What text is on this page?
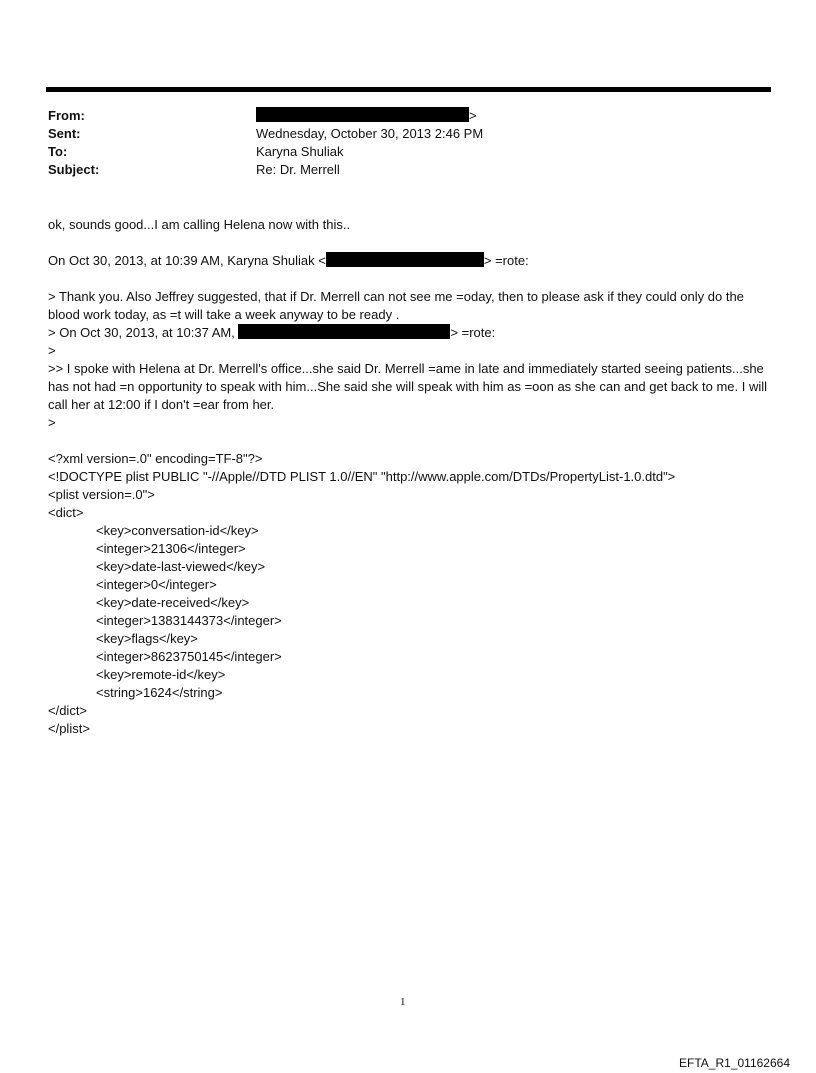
From:	>
Sent:	Wednesday, October 30, 2013 2:46 PM
To:	Karyna Shuliak
Subject:	Re: Dr. Merrell
ok, sounds good...I am calling Helena now with this..
On Oct 30, 2013, at 10:39 AM, Karyna Shuliak <	> =rote:
> Thank you. Also Jeffrey suggested, that if Dr. Merrell can not see me =oday, then to please ask if they could only do the blood work today, as =t will take a week anyway to be ready .
> On Oct 30, 2013, at 10:37 AM,	> =rote:
>
>> I spoke with Helena at Dr. Merrell's office...she said Dr. Merrell =ame in late and immediately started seeing patients...she has not had =n opportunity to speak with him...She said she will speak with him as =oon as she can and get back to me. I will call her at 12:00 if I don't =ear from her.
>
<?xml version=.0" encoding=TF-8"?>
<!DOCTYPE plist PUBLIC "-//Apple//DTD PLIST 1.0//EN" "http://www.apple.com/DTDs/PropertyList-1.0.dtd">
<plist version=.0">
<dict>
<key>conversation-id</key>
<integer>21306</integer>
<key>date-last-viewed</key>
<integer>0</integer>
<key>date-received</key>
<integer>1383144373</integer>
<key>flags</key>
<integer>8623750145</integer>
<key>remote-id</key>
<string>1624</string>
</dict>
</plist>
1
EFTA_R1_01162664
